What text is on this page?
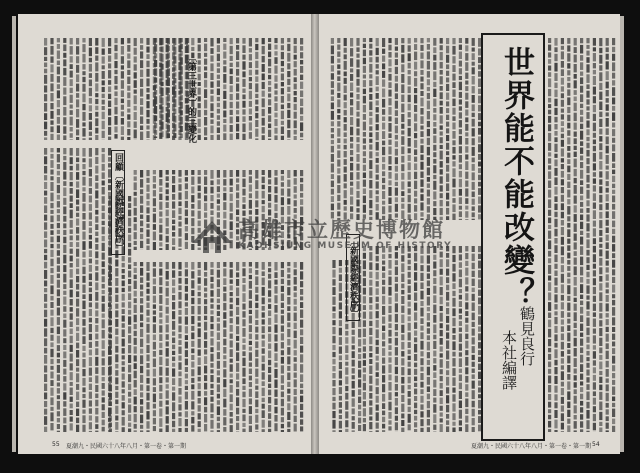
世界能不能改變？
鶴見良行
本社編譯
〔第三世界〕的三變化
〔新國際經濟秩序〕
回顧〔新國際經濟秩序〕
55 夏潮九・民國六十八年八月・第一卷・第一期	夏潮九・民國六十八年八月・第一卷・第一期 54
高雄市立歷史博物館
KAOHSIUNG MUSEUM OF HISTORY
